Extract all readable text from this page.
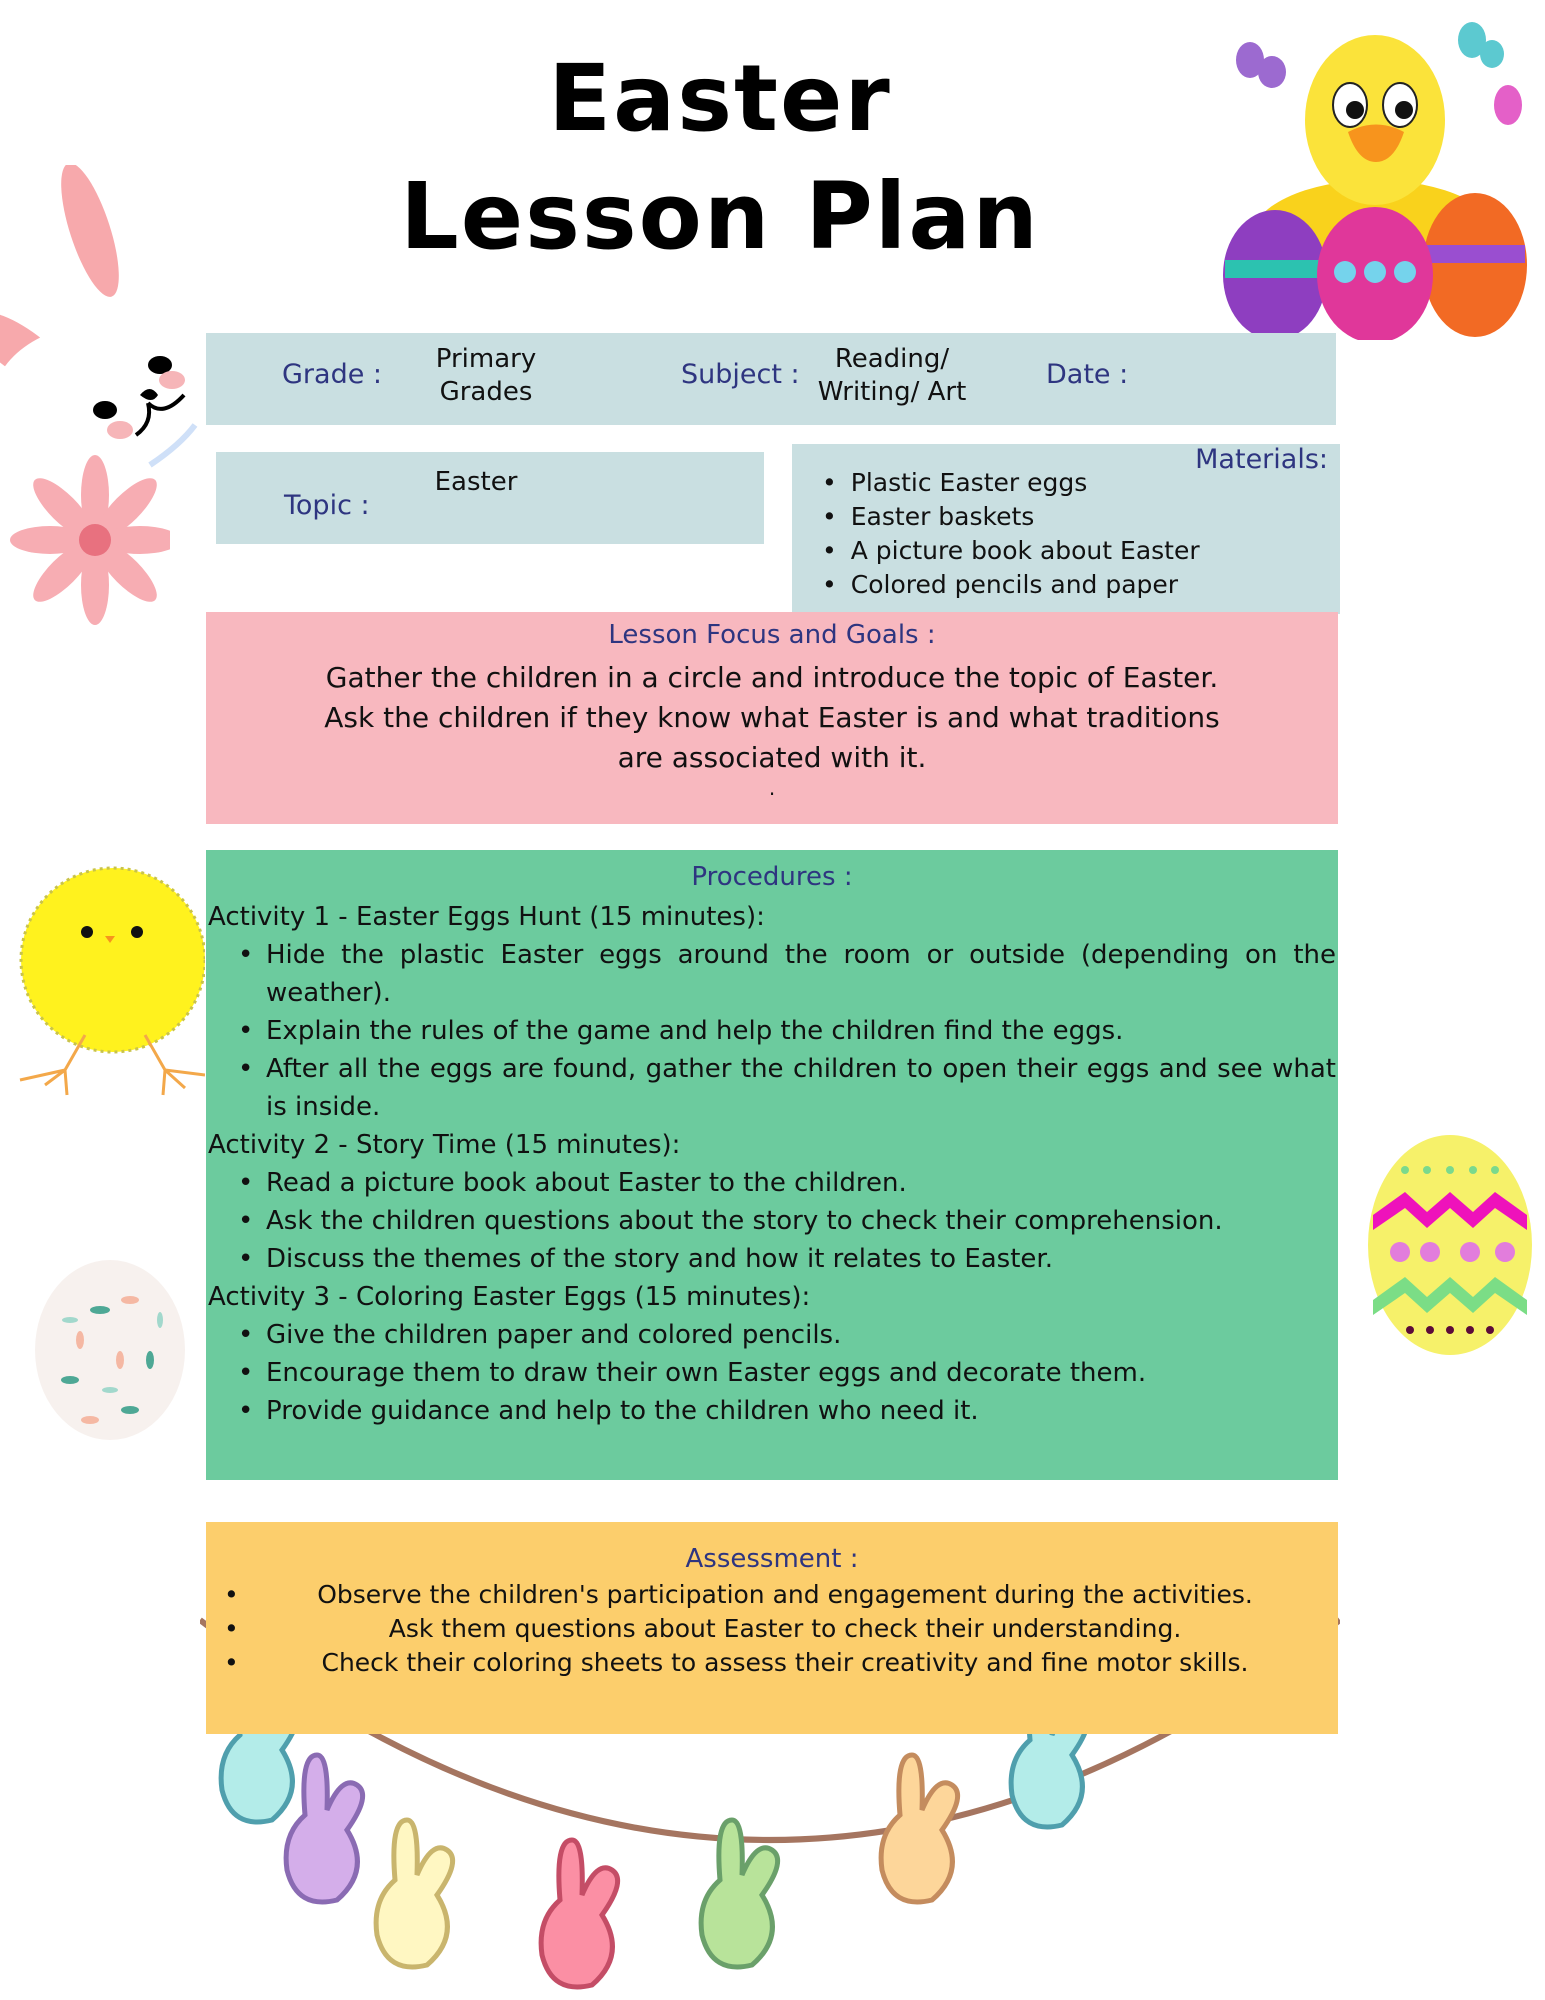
Easter
Lesson Plan
Grade :	Primary
Grades
Subject :	Reading/
Writing/ Art
Date :
Topic :
Easter
Materials:
• Plastic Easter eggs
• Easter baskets
• A picture book about Easter
• Colored pencils and paper
Lesson Focus and Goals :
Gather the children in a circle and introduce the topic of Easter.
Ask the children if they know what Easter is and what traditions
are associated with it.
.
Procedures :
Activity 1 - Easter Eggs Hunt (15 minutes):
• Hide the plastic Easter eggs around the room or outside (depending on the weather).
• Explain the rules of the game and help the children find the eggs.
• After all the eggs are found, gather the children to open their eggs and see what is inside.
Activity 2 - Story Time (15 minutes):
• Read a picture book about Easter to the children.
• Ask the children questions about the story to check their comprehension.
• Discuss the themes of the story and how it relates to Easter.
Activity 3 - Coloring Easter Eggs (15 minutes):
• Give the children paper and colored pencils.
• Encourage them to draw their own Easter eggs and decorate them.
• Provide guidance and help to the children who need it.
Assessment :
• Observe the children's participation and engagement during the activities.
• Ask them questions about Easter to check their understanding.
• Check their coloring sheets to assess their creativity and fine motor skills.
